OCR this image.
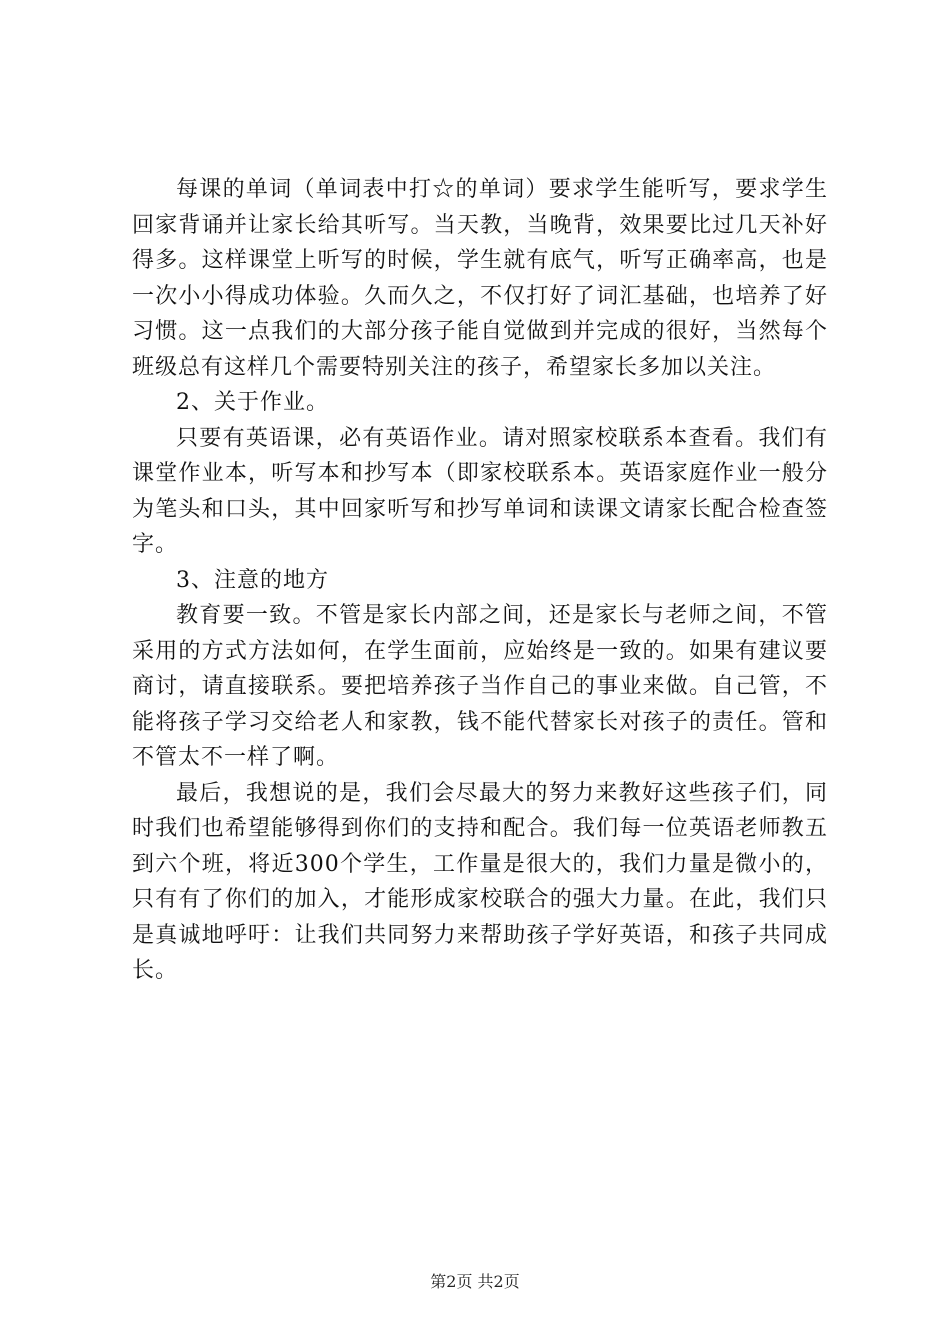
每课的单词（单词表中打☆的单词）要求学生能听写，要求学生回家背诵并让家长给其听写。当天教，当晚背，效果要比过几天补好得多。这样课堂上听写的时候，学生就有底气，听写正确率高，也是一次小小得成功体验。久而久之，不仅打好了词汇基础，也培养了好习惯。这一点我们的大部分孩子能自觉做到并完成的很好，当然每个班级总有这样几个需要特别关注的孩子，希望家长多加以关注。

2、关于作业。

只要有英语课，必有英语作业。请对照家校联系本查看。我们有课堂作业本，听写本和抄写本（即家校联系本。英语家庭作业一般分为笔头和口头，其中回家听写和抄写单词和读课文请家长配合检查签字。

3、注意的地方

教育要一致。不管是家长内部之间，还是家长与老师之间，不管采用的方式方法如何，在学生面前，应始终是一致的。如果有建议要商讨，请直接联系。要把培养孩子当作自己的事业来做。自己管，不能将孩子学习交给老人和家教，钱不能代替家长对孩子的责任。管和不管太不一样了啊。

最后，我想说的是，我们会尽最大的努力来教好这些孩子们，同时我们也希望能够得到你们的支持和配合。我们每一位英语老师教五到六个班，将近300个学生，工作量是很大的，我们力量是微小的，只有有了你们的加入，才能形成家校联合的强大力量。在此，我们只是真诚地呼吁：让我们共同努力来帮助孩子学好英语，和孩子共同成长。

第2页 共2页
